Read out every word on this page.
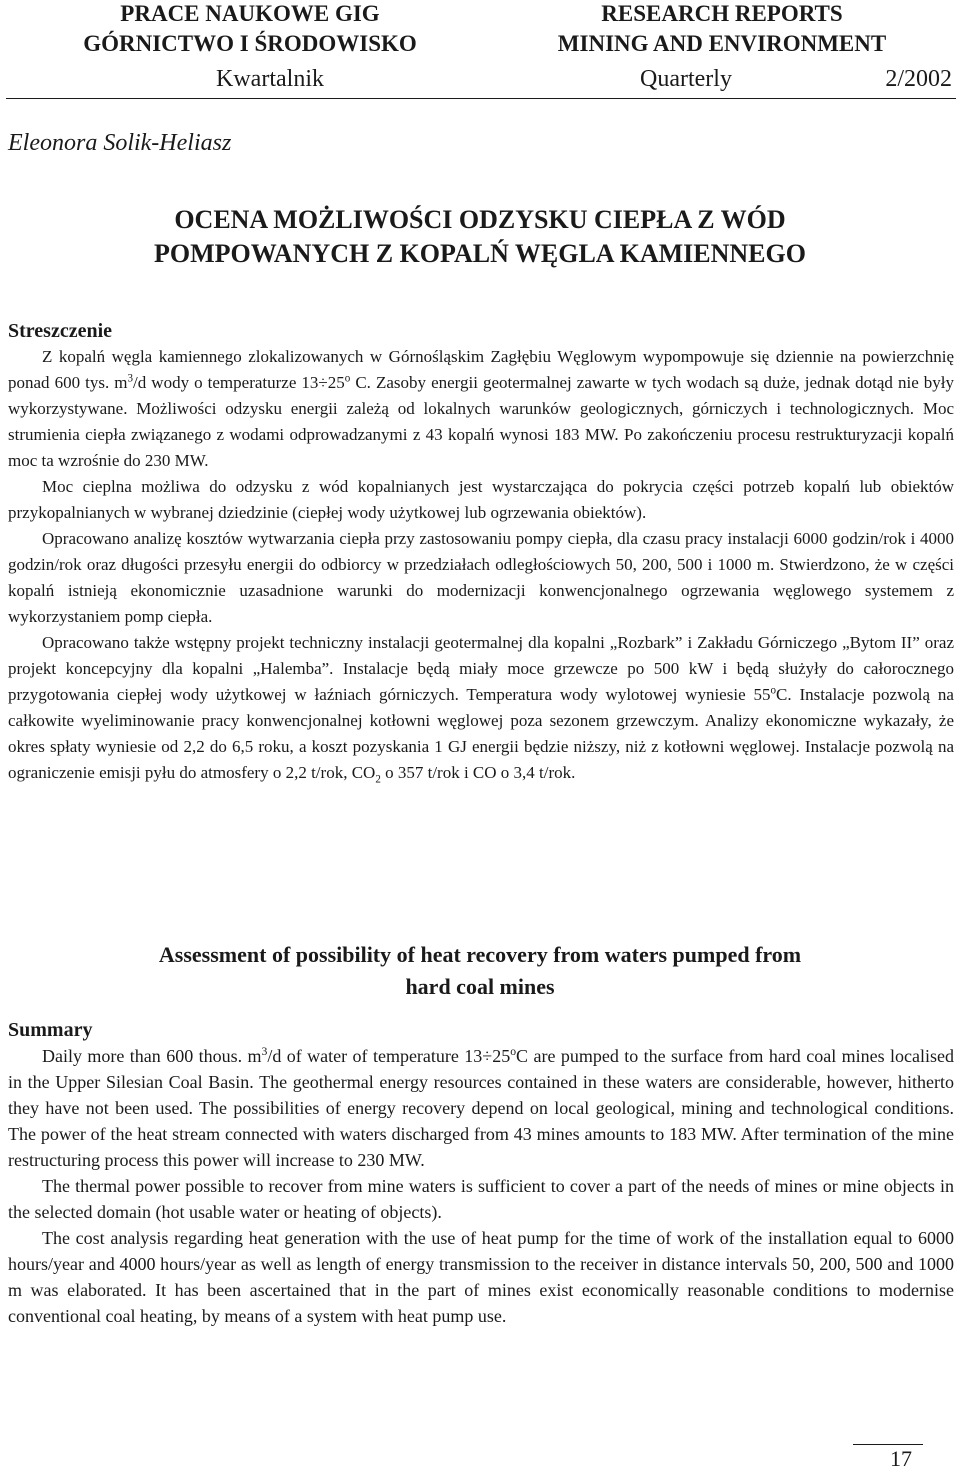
PRACE NAUKOWE GIG
GÓRNICTWO I ŚRODOWISKO
RESEARCH REPORTS
MINING AND ENVIRONMENT
Kwartalnik	Quarterly	2/2002
Eleonora Solik-Heliasz
OCENA MOŻLIWOŚCI ODZYSKU CIEPŁA Z WÓD
POMPOWANYCH Z KOPALŃ WĘGLA KAMIENNEGO
Streszczenie

Z kopalń węgla kamiennego zlokalizowanych w Górnośląskim Zagłębiu Węglowym wypompowuje się dziennie na powierzchnię ponad 600 tys. $m^3/d$ wody o temperaturze $13\div 25^o$ C. Zasoby energii geotermalnej zawarte w tych wodach są duże, jednak dotąd nie były wykorzystywane. Możliwości odzysku energii zależą od lokalnych warunków geologicznych, górniczych i technologicznych. Moc strumienia ciepła związanego z wodami odprowadzanymi z 43 kopalń wynosi 183 MW. Po zakończeniu procesu restrukturyzacji kopalń moc ta wzrośnie do 230 MW.

Moc cieplna możliwa do odzysku z wód kopalnianych jest wystarczająca do pokrycia części potrzeb kopalń lub obiektów przykopalnianych w wybranej dziedzinie (ciepłej wody użytkowej lub ogrzewania obiektów).

Opracowano analizę kosztów wytwarzania ciepła przy zastosowaniu pompy ciepła, dla czasu pracy instalacji 6000 godzin/rok i 4000 godzin/rok oraz długości przesyłu energii do odbiorcy w przedziałach odległościowych 50, 200, 500 i 1000 m. Stwierdzono, że w części kopalń istnieją ekonomicznie uzasadnione warunki do modernizacji konwencjonalnego ogrzewania węglowego systemem z wykorzystaniem pomp ciepła.

Opracowano także wstępny projekt techniczny instalacji geotermalnej dla kopalni „Rozbark” i Zakładu Górniczego „Bytom II” oraz projekt koncepcyjny dla kopalni „Halemba”. Instalacje będą miały moce grzewcze po 500 kW i będą służyły do całorocznego przygotowania ciepłej wody użytkowej w łaźniach górniczych. Temperatura wody wylotowej wyniesie 55$^o$C. Instalacje pozwolą na całkowite wyeliminowanie pracy konwencjonalnej kotłowni węglowej poza sezonem grzewczym. Analizy ekonomiczne wykazały, że okres spłaty wyniesie od 2,2 do 6,5 roku, a koszt pozyskania 1 GJ energii będzie niższy, niż z kotłowni węglowej. Instalacje pozwolą na ograniczenie emisji pyłu do atmosfery o 2,2 t/rok, $CO_2$ o 357 t/rok i CO o 3,4 t/rok.

Assessment of possibility of heat recovery from waters pumped from
hard coal mines
Summary

Daily more than 600 thous. $m^3/d$ of water of temperature $13\div 25^oC$ are pumped to the surface from hard coal mines localised in the Upper Silesian Coal Basin. The geothermal energy resources contained in these waters are considerable, however, hitherto they have not been used. The possibilities of energy recovery depend on local geological, mining and technological conditions. The power of the heat stream connected with waters discharged from 43 mines amounts to 183 MW. After termination of the mine restructuring process this power will increase to 230 MW.

The thermal power possible to recover from mine waters is sufficient to cover a part of the needs of mines or mine objects in the selected domain (hot usable water or heating of objects).

The cost analysis regarding heat generation with the use of heat pump for the time of work of the installation equal to 6000 hours/year and 4000 hours/year as well as length of energy transmission to the receiver in distance intervals 50, 200, 500 and 1000 m was elaborated. It has been ascertained that in the part of mines exist economically reasonable conditions to modernise conventional coal heating, by means of a system with heat pump use.

17
